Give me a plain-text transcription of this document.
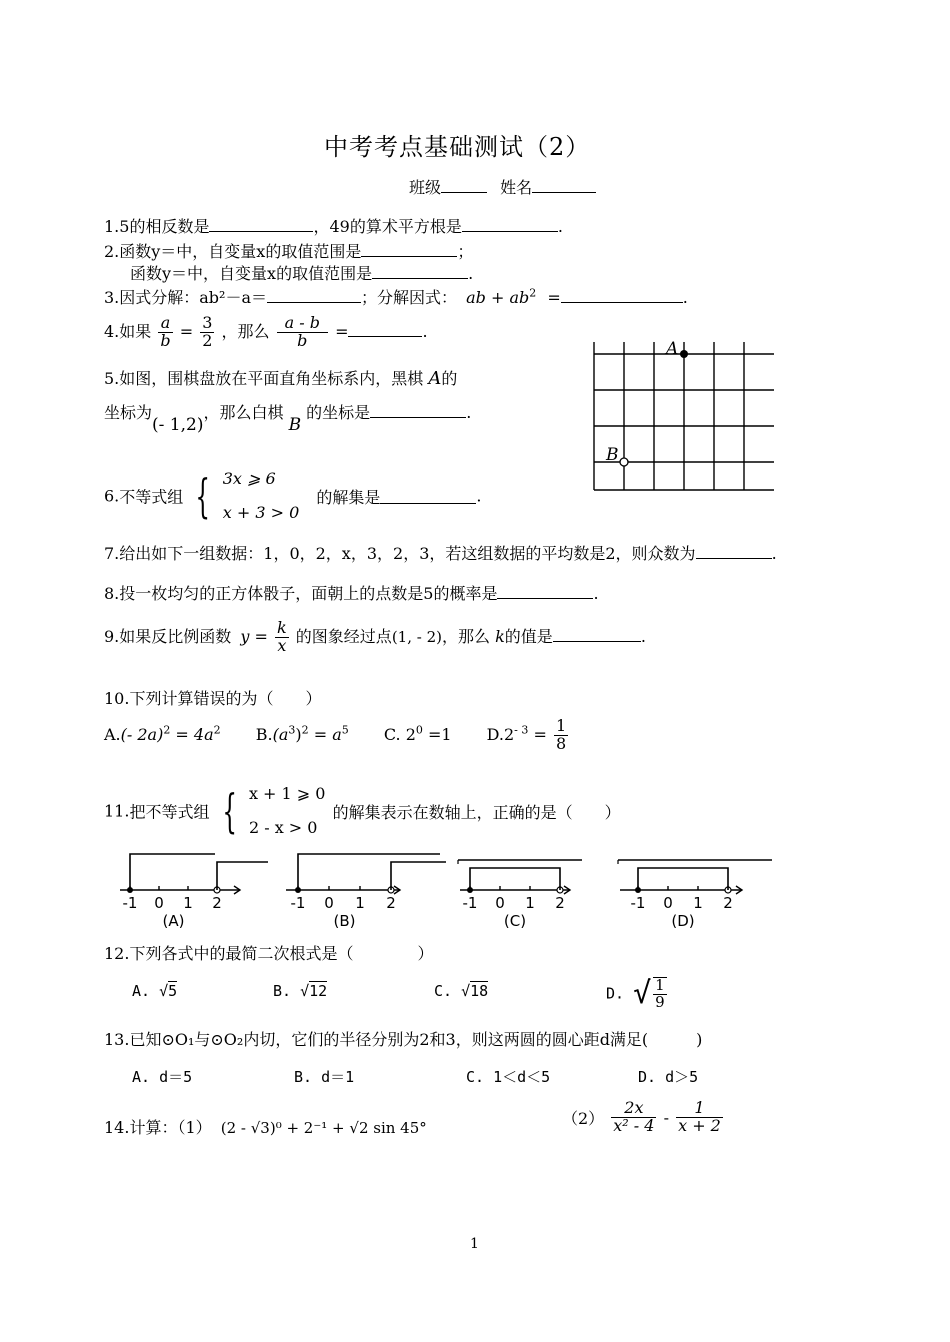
中考考点基础测试（2）
班级	姓名
1.5的相反数是	，49的算术平方根是	.
2.函数y＝中，自变量x的取值范围是	；
函数y＝中，自变量x的取值范围是	.
3.因式分解：ab²－a＝	；分解因式： ab + $ab^2$ =	.
4.如果 $\frac{a}{b} = \frac{3}{2}$ ，那么 $\frac{a - b}{b}$ =	.
5.如图，围棋盘放在平面直角坐标系内，黑棋 A的
坐标为(- 1,2)，那么白棋 B 的坐标是	.
A
B
6.不等式组 { 3x ⩾ 6
x + 3 > 0
的解集是	.
7.给出如下一组数据：1，0，2，x，3，2，3，若这组数据的平均数是2，则众数为	.
8.投一枚均匀的正方体骰子，面朝上的点数是5的概率是	.
9.如果反比例函数 $y = \frac{k}{x}$ 的图象经过点(1, - 2)，那么 k的值是	.
10.下列计算错误的为（　　）
A.(- $2a)^2 = 4a^2$ $B.(a^3)^2 = a^5$ C. $2^0 =1$ $D.2^{- 3} = \frac{1}{8}$
11.把不等式组 { x + 1 ⩾ 0
2 - x > 0
的解集表示在数轴上，正确的是（　　）
-1 0 1 2
(A)
-1 0 1 2
(B)
-1 0 1 2
(C)
-1 0 1 2
(D)
12.下列各式中的最简二次根式是（　　　　）
A. √5	B. √12	C. √18	D. √ $\frac{1}{9}$
13.已知⊙O₁与⊙O₂内切，它们的半径分别为2和3，则这两圆的圆心距d满足(　　　)
A. d＝5	B. d＝1	C. 1＜d＜5	D. d＞5
14.计算：（1） (2 - √3)⁰ + 2⁻¹ + √2 sin 45°
$(2) \frac{2x}{\text{x² - 4}} - \frac{1}{x + 2}$
1
